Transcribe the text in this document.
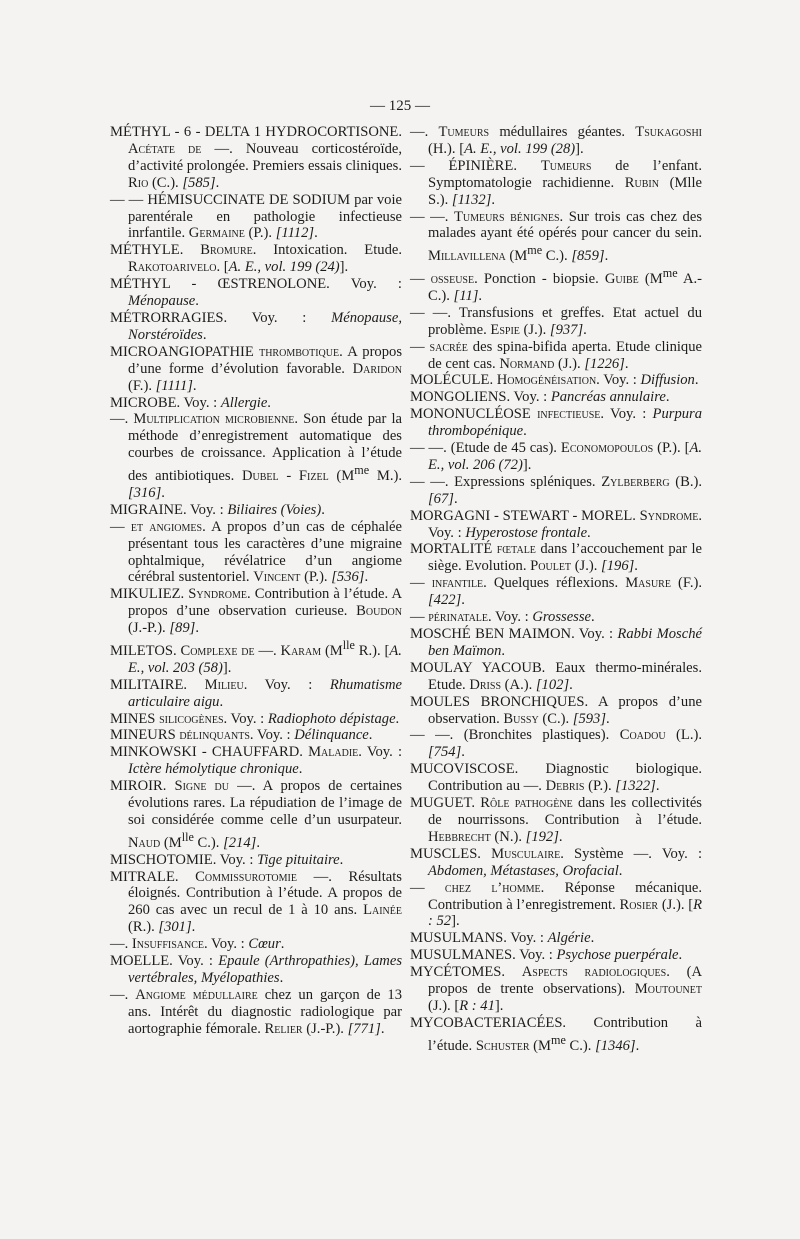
— 125 —

MÉTHYL - 6 - DELTA 1 HYDROCORTISONE. Acétate de —. Nouveau corticostéroïde, d’activité prolongée. Premiers essais cliniques. Rio (C.). [585].

— — HÉMISUCCINATE DE SODIUM par voie parentérale en pathologie infectieuse inrfantile. Germaine (P.). [1112].

MÉTHYLE. Bromure. Intoxication. Etude. Rakotoarivelo. [A. E., vol. 199 (24)].

MÉTHYL - ŒSTRENOLONE. Voy. : Ménopause.

MÉTRORRAGIES. Voy. : Ménopause, Norstéroïdes.

MICROANGIOPATHIE thrombotique. A propos d’une forme d’évolution favorable. Daridon (F.). [1111].

MICROBE. Voy. : Allergie.

—. Multiplication microbienne. Son étude par la méthode d’enregistrement automatique des courbes de croissance. Application à l’étude des antibiotiques. Dubel - Fizel ($M^{me}$ M.). [316].

MIGRAINE. Voy. : Biliaires (Voies).

— et angiomes. A propos d’un cas de céphalée présentant tous les caractères d’une migraine ophtalmique, révélatrice d’un angiome cérébral sustentoriel. Vincent (P.). [536].

MIKULIEZ. Syndrome. Contribution à l’étude. A propos d’une observation curieuse. Boudon (J.-P.). [89].

MILETOS. Complexe de —. Karam ($M^{lle}$ R.). [A. E., vol. 203 (58)].

MILITAIRE. Milieu. Voy. : Rhumatisme articulaire aigu.

MINES silicogènes. Voy. : Radiophoto dépistage.

MINEURS délinquants. Voy. : Délinquance.

MINKOWSKI - CHAUFFARD. Maladie. Voy. : Ictère hémolytique chronique.

MIROIR. Signe du —. A propos de certaines évolutions rares. La répudiation de l’image de soi considérée comme celle d’un usurpateur. Naud ($M^{lle}$ C.). [214].

MISCHOTOMIE. Voy. : Tige pituitaire.

MITRALE. Commissurotomie —. Résultats éloignés. Contribution à l’étude. A propos de 260 cas avec un recul de 1 à 10 ans. Lainée (R.). [301].

—. Insuffisance. Voy. : Cœur.

MOELLE. Voy. : Epaule (Arthropathies), Lames vertébrales, Myélopathies.

—. Angiome médullaire chez un garçon de 13 ans. Intérêt du diagnostic radiologique par aortographie fémorale. Relier (J.-P.). [771].

—. Tumeurs médullaires géantes. Tsukagoshi (H.). [A. E., vol. 199 (28)].

— ÉPINIÈRE. Tumeurs de l’enfant. Symptomatologie rachidienne. Rubin (Mlle S.). [1132].

— —. Tumeurs bénignes. Sur trois cas chez des malades ayant été opérés pour cancer du sein. Millavillena ($M^{me}$ C.). [859].

— osseuse. Ponction - biopsie. Guibe ($M^{me}$ A.-C.). [11].

— —. Transfusions et greffes. Etat actuel du problème. Espie (J.). [937].

— sacrée des spina-bifida aperta. Etude clinique de cent cas. Normand (J.). [1226].

MOLÉCULE. Homogénéisation. Voy. : Diffusion.

MONGOLIENS. Voy. : Pancréas annulaire.

MONONUCLÉOSE infectieuse. Voy. : Purpura thrombopénique.

— —. (Etude de 45 cas). Economopoulos (P.). [A. E., vol. 206 (72)].

— —. Expressions spléniques. Zylberberg (B.). [67].

MORGAGNI - STEWART - MOREL. Syndrome. Voy. : Hyperostose frontale.

MORTALITÉ fœtale dans l’accouchement par le siège. Evolution. Poulet (J.). [196].

— infantile. Quelques réflexions. Masure (F.). [422].

— périnatale. Voy. : Grossesse.

MOSCHÉ BEN MAIMON. Voy. : Rabbi Mosché ben Maïmon.

MOULAY YACOUB. Eaux thermo-minérales. Etude. Driss (A.). [102].

MOULES BRONCHIQUES. A propos d’une observation. Bussy (C.). [593].

— —. (Bronchites plastiques). Coadou (L.). [754].

MUCOVISCOSE. Diagnostic biologique. Contribution au —. Debris (P.). [1322].

MUGUET. Rôle pathogène dans les collectivités de nourrissons. Contribution à l’étude. Hebbrecht (N.). [192].

MUSCLES. Musculaire. Système —. Voy. : Abdomen, Métastases, Orofacial.

— chez l’homme. Réponse mécanique. Contribution à l’enregistrement. Rosier (J.). [R : 52].

MUSULMANS. Voy. : Algérie.

MUSULMANES. Voy. : Psychose puerpérale.

MYCÉTOMES. Aspects radiologiques. (A propos de trente observations). Moutounet (J.). [R : 41].

MYCOBACTERIACÉES. Contribution à l’étude. Schuster ($M^{me}$ C.). [1346].
